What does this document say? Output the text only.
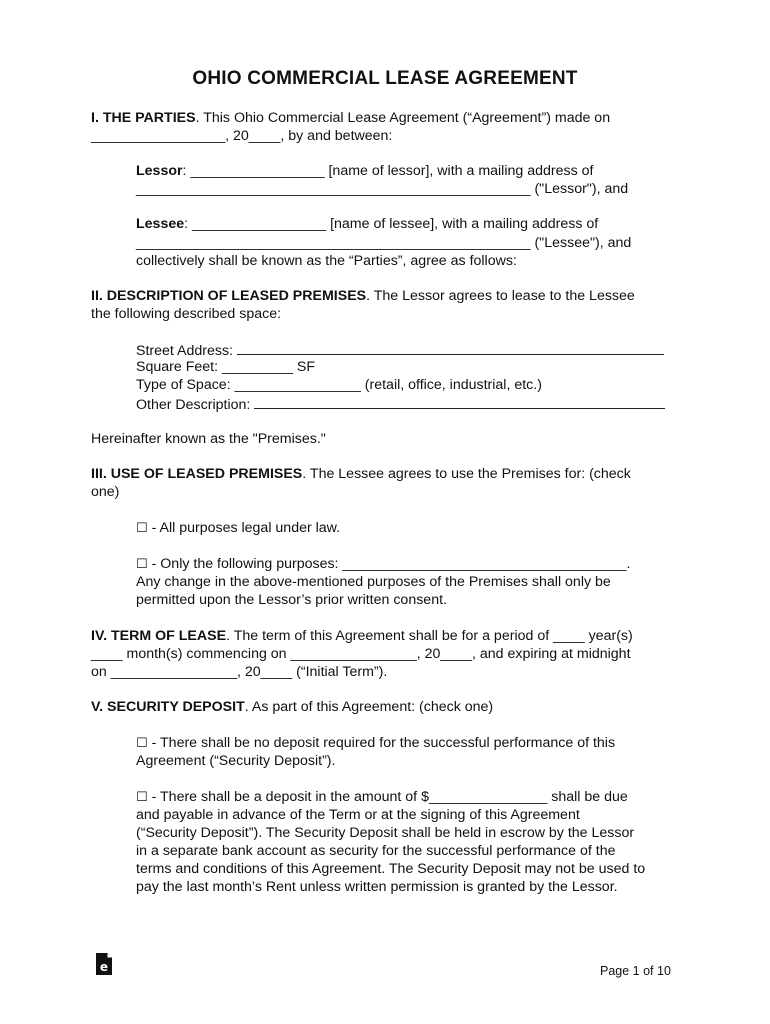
OHIO COMMERCIAL LEASE AGREEMENT
I. THE PARTIES. This Ohio Commercial Lease Agreement (“Agreement”) made on
_________________, 20____, by and between:
Lessor: _________________ [name of lessor], with a mailing address of
__________________________________________________ ("Lessor"), and
Lessee: _________________ [name of lessee], with a mailing address of
__________________________________________________ ("Lessee"), and
collectively shall be known as the “Parties”, agree as follows:
II. DESCRIPTION OF LEASED PREMISES. The Lessor agrees to lease to the Lessee
the following described space:
Street Address:
Square Feet: _________ SF
Type of Space: ________________ (retail, office, industrial, etc.)
Other Description:
Hereinafter known as the "Premises."
III. USE OF LEASED PREMISES. The Lessee agrees to use the Premises for: (check
one)
☐ - All purposes legal under law.
☐ - Only the following purposes: ____________________________________.
Any change in the above-mentioned purposes of the Premises shall only be
permitted upon the Lessor’s prior written consent.
IV. TERM OF LEASE. The term of this Agreement shall be for a period of ____ year(s)
____ month(s) commencing on ________________, 20____, and expiring at midnight
on ________________, 20____ (“Initial Term”).
V. SECURITY DEPOSIT. As part of this Agreement: (check one)
☐ - There shall be no deposit required for the successful performance of this
Agreement (“Security Deposit”).
☐ - There shall be a deposit in the amount of $_______________ shall be due
and payable in advance of the Term or at the signing of this Agreement
(“Security Deposit”). The Security Deposit shall be held in escrow by the Lessor
in a separate bank account as security for the successful performance of the
terms and conditions of this Agreement. The Security Deposit may not be used to
pay the last month’s Rent unless written permission is granted by the Lessor.
e	Page 1 of 10
